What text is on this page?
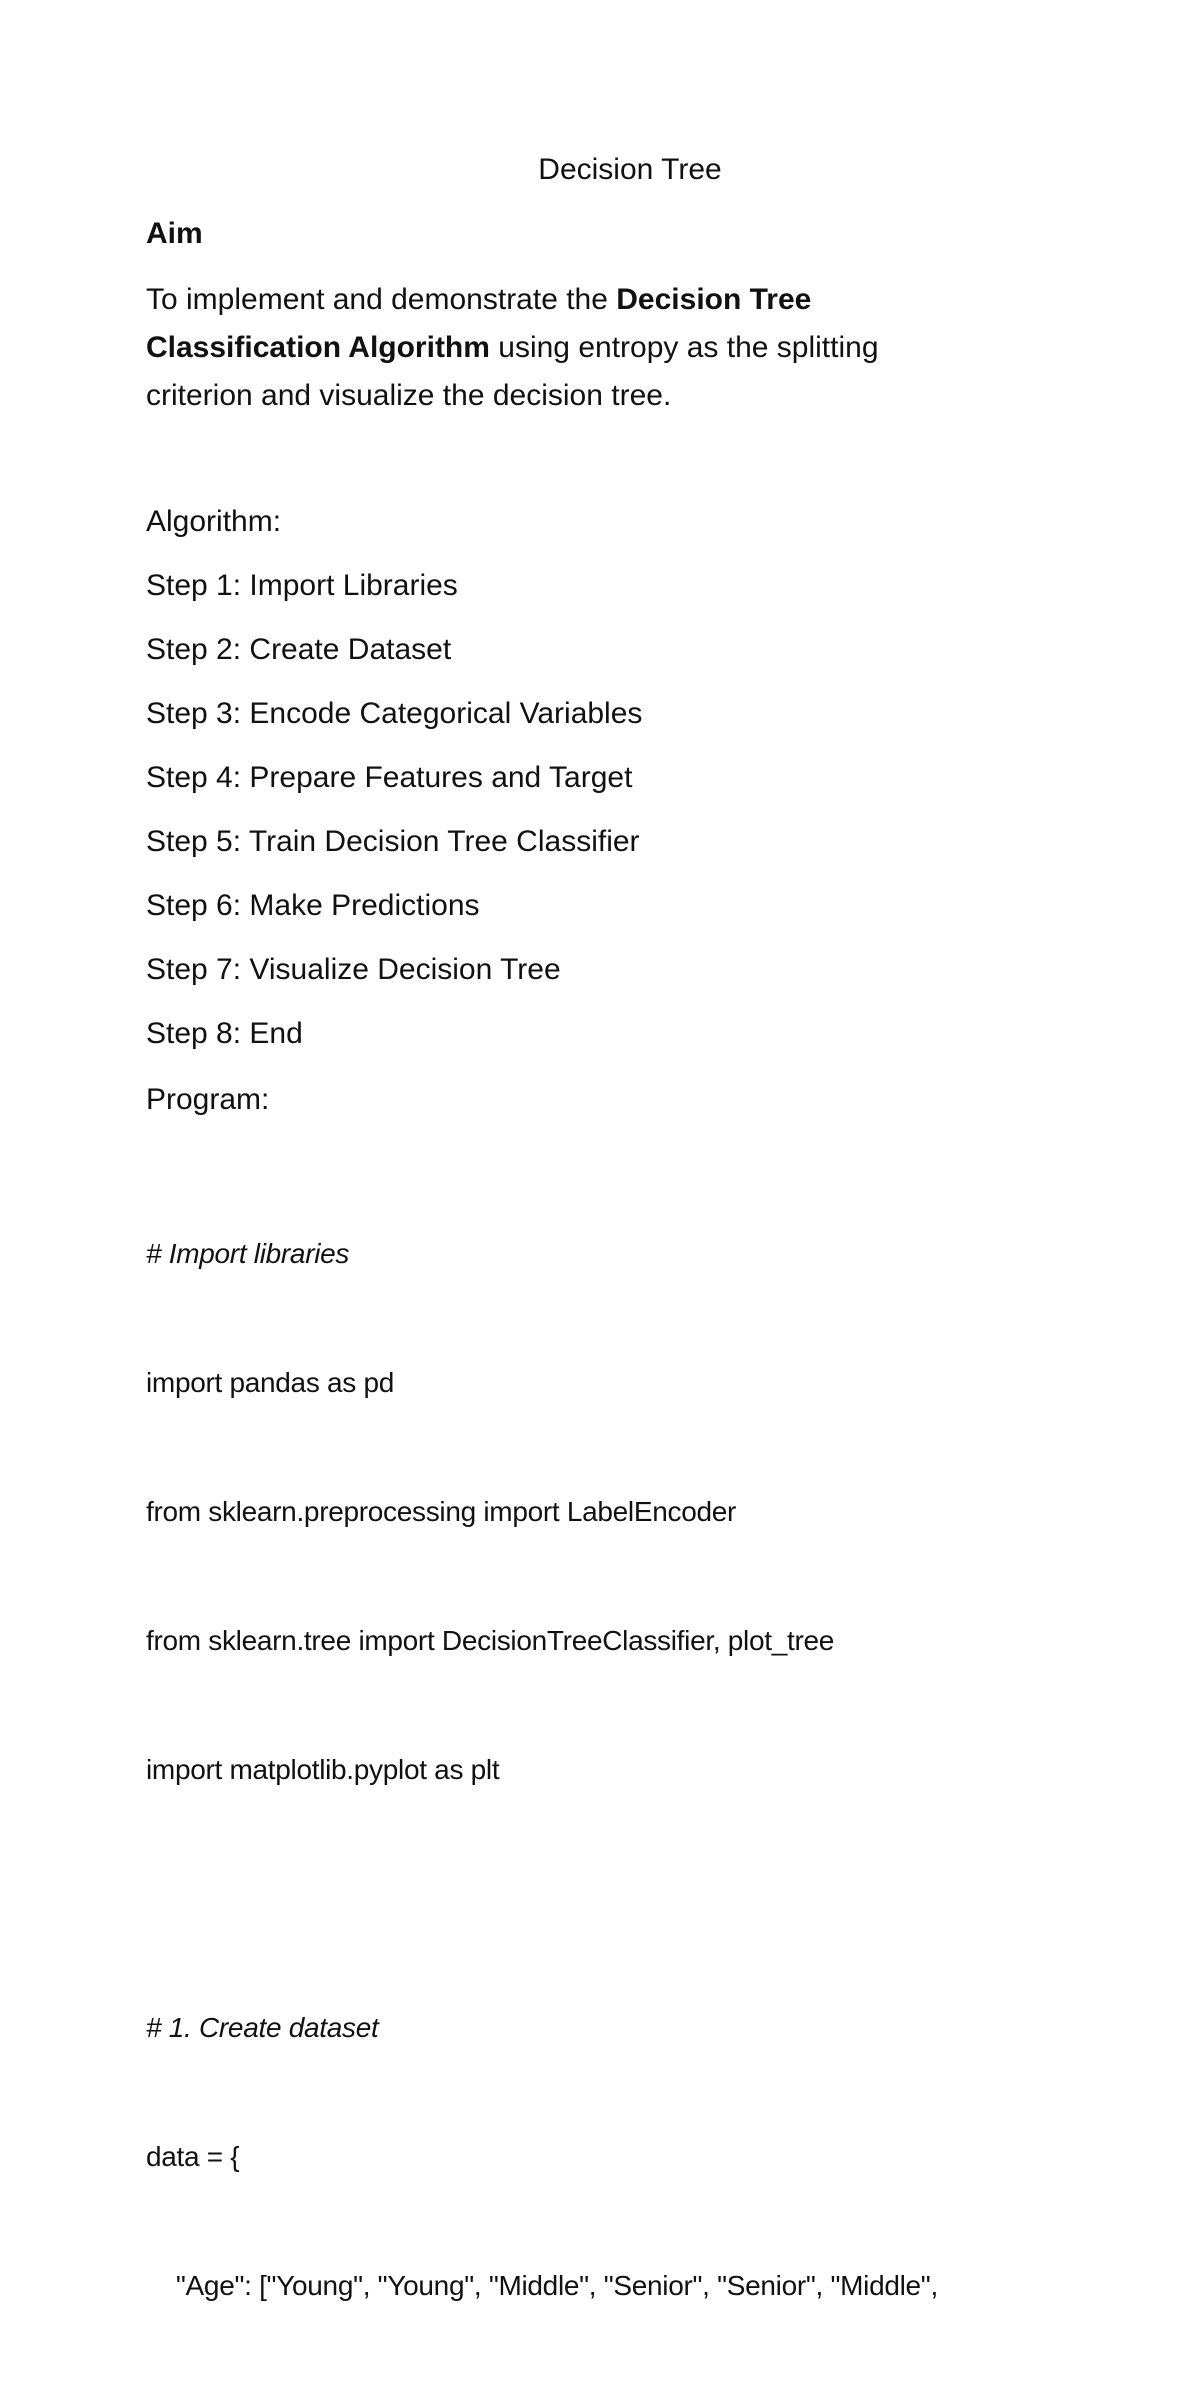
Decision Tree
Aim
To implement and demonstrate the Decision Tree
Classification Algorithm using entropy as the splitting
criterion and visualize the decision tree.
Algorithm:
Step 1: Import Libraries
Step 2: Create Dataset
Step 3: Encode Categorical Variables
Step 4: Prepare Features and Target
Step 5: Train Decision Tree Classifier
Step 6: Make Predictions
Step 7: Visualize Decision Tree
Step 8: End
Program:

# Import libraries

import pandas as pd

from sklearn.preprocessing import LabelEncoder

from sklearn.tree import DecisionTreeClassifier, plot_tree

import matplotlib.pyplot as plt

# 1. Create dataset

data = {

"Age": ["Young", "Young", "Middle", "Senior", "Senior", "Middle",
